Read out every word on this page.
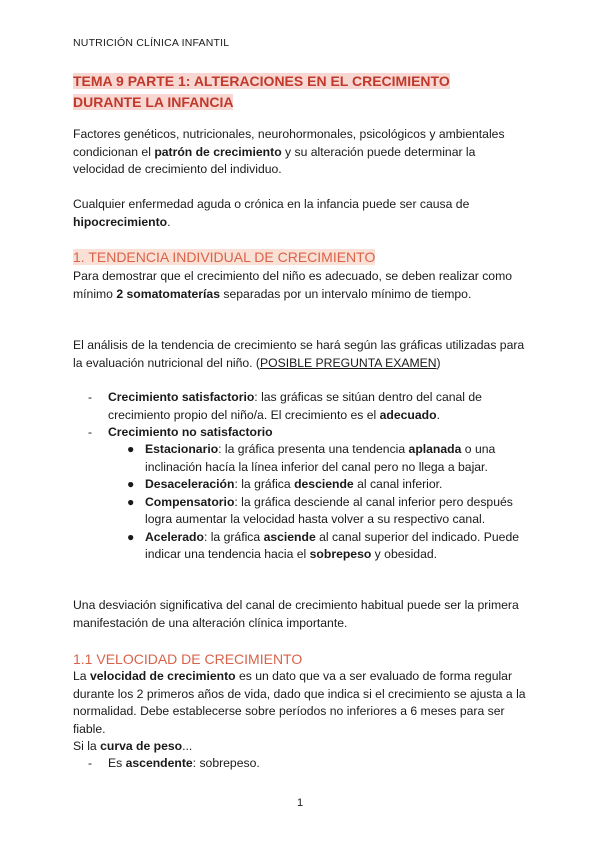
NUTRICIÓN CLÍNICA INFANTIL
TEMA 9 PARTE 1: ALTERACIONES EN EL CRECIMIENTO
DURANTE LA INFANCIA
Factores genéticos, nutricionales, neurohormonales, psicológicos y ambientales condicionan el patrón de crecimiento y su alteración puede determinar la velocidad de crecimiento del individuo.
Cualquier enfermedad aguda o crónica en la infancia puede ser causa de hipocrecimiento.
1. TENDENCIA INDIVIDUAL DE CRECIMIENTO
Para demostrar que el crecimiento del niño es adecuado, se deben realizar como mínimo 2 somatomaterías separadas por un intervalo mínimo de tiempo.
El análisis de la tendencia de crecimiento se hará según las gráficas utilizadas para la evaluación nutricional del niño. (POSIBLE PREGUNTA EXAMEN)
- Crecimiento satisfactorio: las gráficas se sitúan dentro del canal de crecimiento propio del niño/a. El crecimiento es el adecuado.
- Crecimiento no satisfactorio
● Estacionario: la gráfica presenta una tendencia aplanada o una inclinación hacía la línea inferior del canal pero no llega a bajar.
● Desaceleración: la gráfica desciende al canal inferior.
● Compensatorio: la gráfica desciende al canal inferior pero después logra aumentar la velocidad hasta volver a su respectivo canal.
● Acelerado: la gráfica asciende al canal superior del indicado. Puede indicar una tendencia hacia el sobrepeso y obesidad.
Una desviación significativa del canal de crecimiento habitual puede ser la primera manifestación de una alteración clínica importante.
1.1 VELOCIDAD DE CRECIMIENTO
La velocidad de crecimiento es un dato que va a ser evaluado de forma regular durante los 2 primeros años de vida, dado que indica si el crecimiento se ajusta a la normalidad. Debe establecerse sobre períodos no inferiores a 6 meses para ser fiable.
Si la curva de peso...
- Es ascendente: sobrepeso.
1
